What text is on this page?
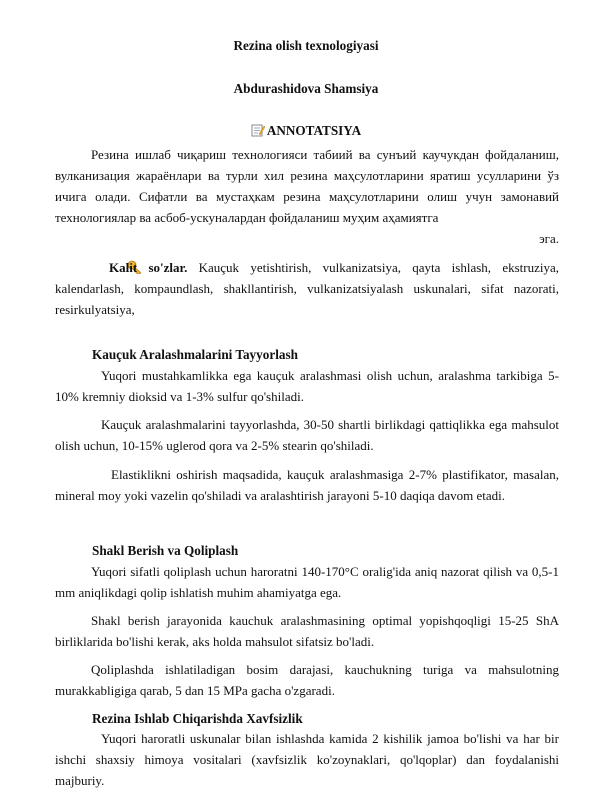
Rezina olish texnologiyasi
Abdurashidova Shamsiya
ANNOTATSIYA
Резина ишлаб чиқариш технологияси табиий ва сунъий каучукдан фойдаланиш, вулканизация жараёнлари ва турли хил резина маҳсулотларини яратиш усулларини ўз ичига олади. Сифатли ва мустаҳкам резина маҳсулотларини олиш учун замонавий технологиялар ва асбоб-ускуналардан фойдаланиш муҳим аҳамиятга
эга.
Kalit so'zlar. Kauçuk yetishtirish, vulkanizatsiya, qayta ishlash, ekstruziya, kalendarlash, kompaundlash, shakllantirish, vulkanizatsiyalash uskunalari, sifat nazorati, resirkulyatsiya,
Kauçuk Aralashmalarini Tayyorlash
Yuqori mustahkamlikka ega kauçuk aralashmasi olish uchun, aralashma tarkibiga 5-10% kremniy dioksid va 1-3% sulfur qo'shiladi.
Kauçuk aralashmalarini tayyorlashda, 30-50 shartli birlikdagi qattiqlikka ega mahsulot olish uchun, 10-15% uglerod qora va 2-5% stearin qo'shiladi.
Elastiklikni oshirish maqsadida, kauçuk aralashmasiga 2-7% plastifikator, masalan, mineral moy yoki vazelin qo'shiladi va aralashtirish jarayoni 5-10 daqiqa davom etadi.
Shakl Berish va Qoliplash
Yuqori sifatli qoliplash uchun haroratni 140-170°C oralig'ida aniq nazorat qilish va 0,5-1 mm aniqlikdagi qolip ishlatish muhim ahamiyatga ega.
Shakl berish jarayonida kauchuk aralashmasining optimal yopishqoqligi 15-25 ShA birliklarida bo'lishi kerak, aks holda mahsulot sifatsiz bo'ladi.
Qoliplashda ishlatiladigan bosim darajasi, kauchukning turiga va mahsulotning murakkabligiga qarab, 5 dan 15 MPa gacha o'zgaradi.
Rezina Ishlab Chiqarishda Xavfsizlik
Yuqori haroratli uskunalar bilan ishlashda kamida 2 kishilik jamoa bo'lishi va har bir ishchi shaxsiy himoya vositalari (xavfsizlik ko'zoynaklari, qo'lqoplar) dan foydalanishi majburiy.
